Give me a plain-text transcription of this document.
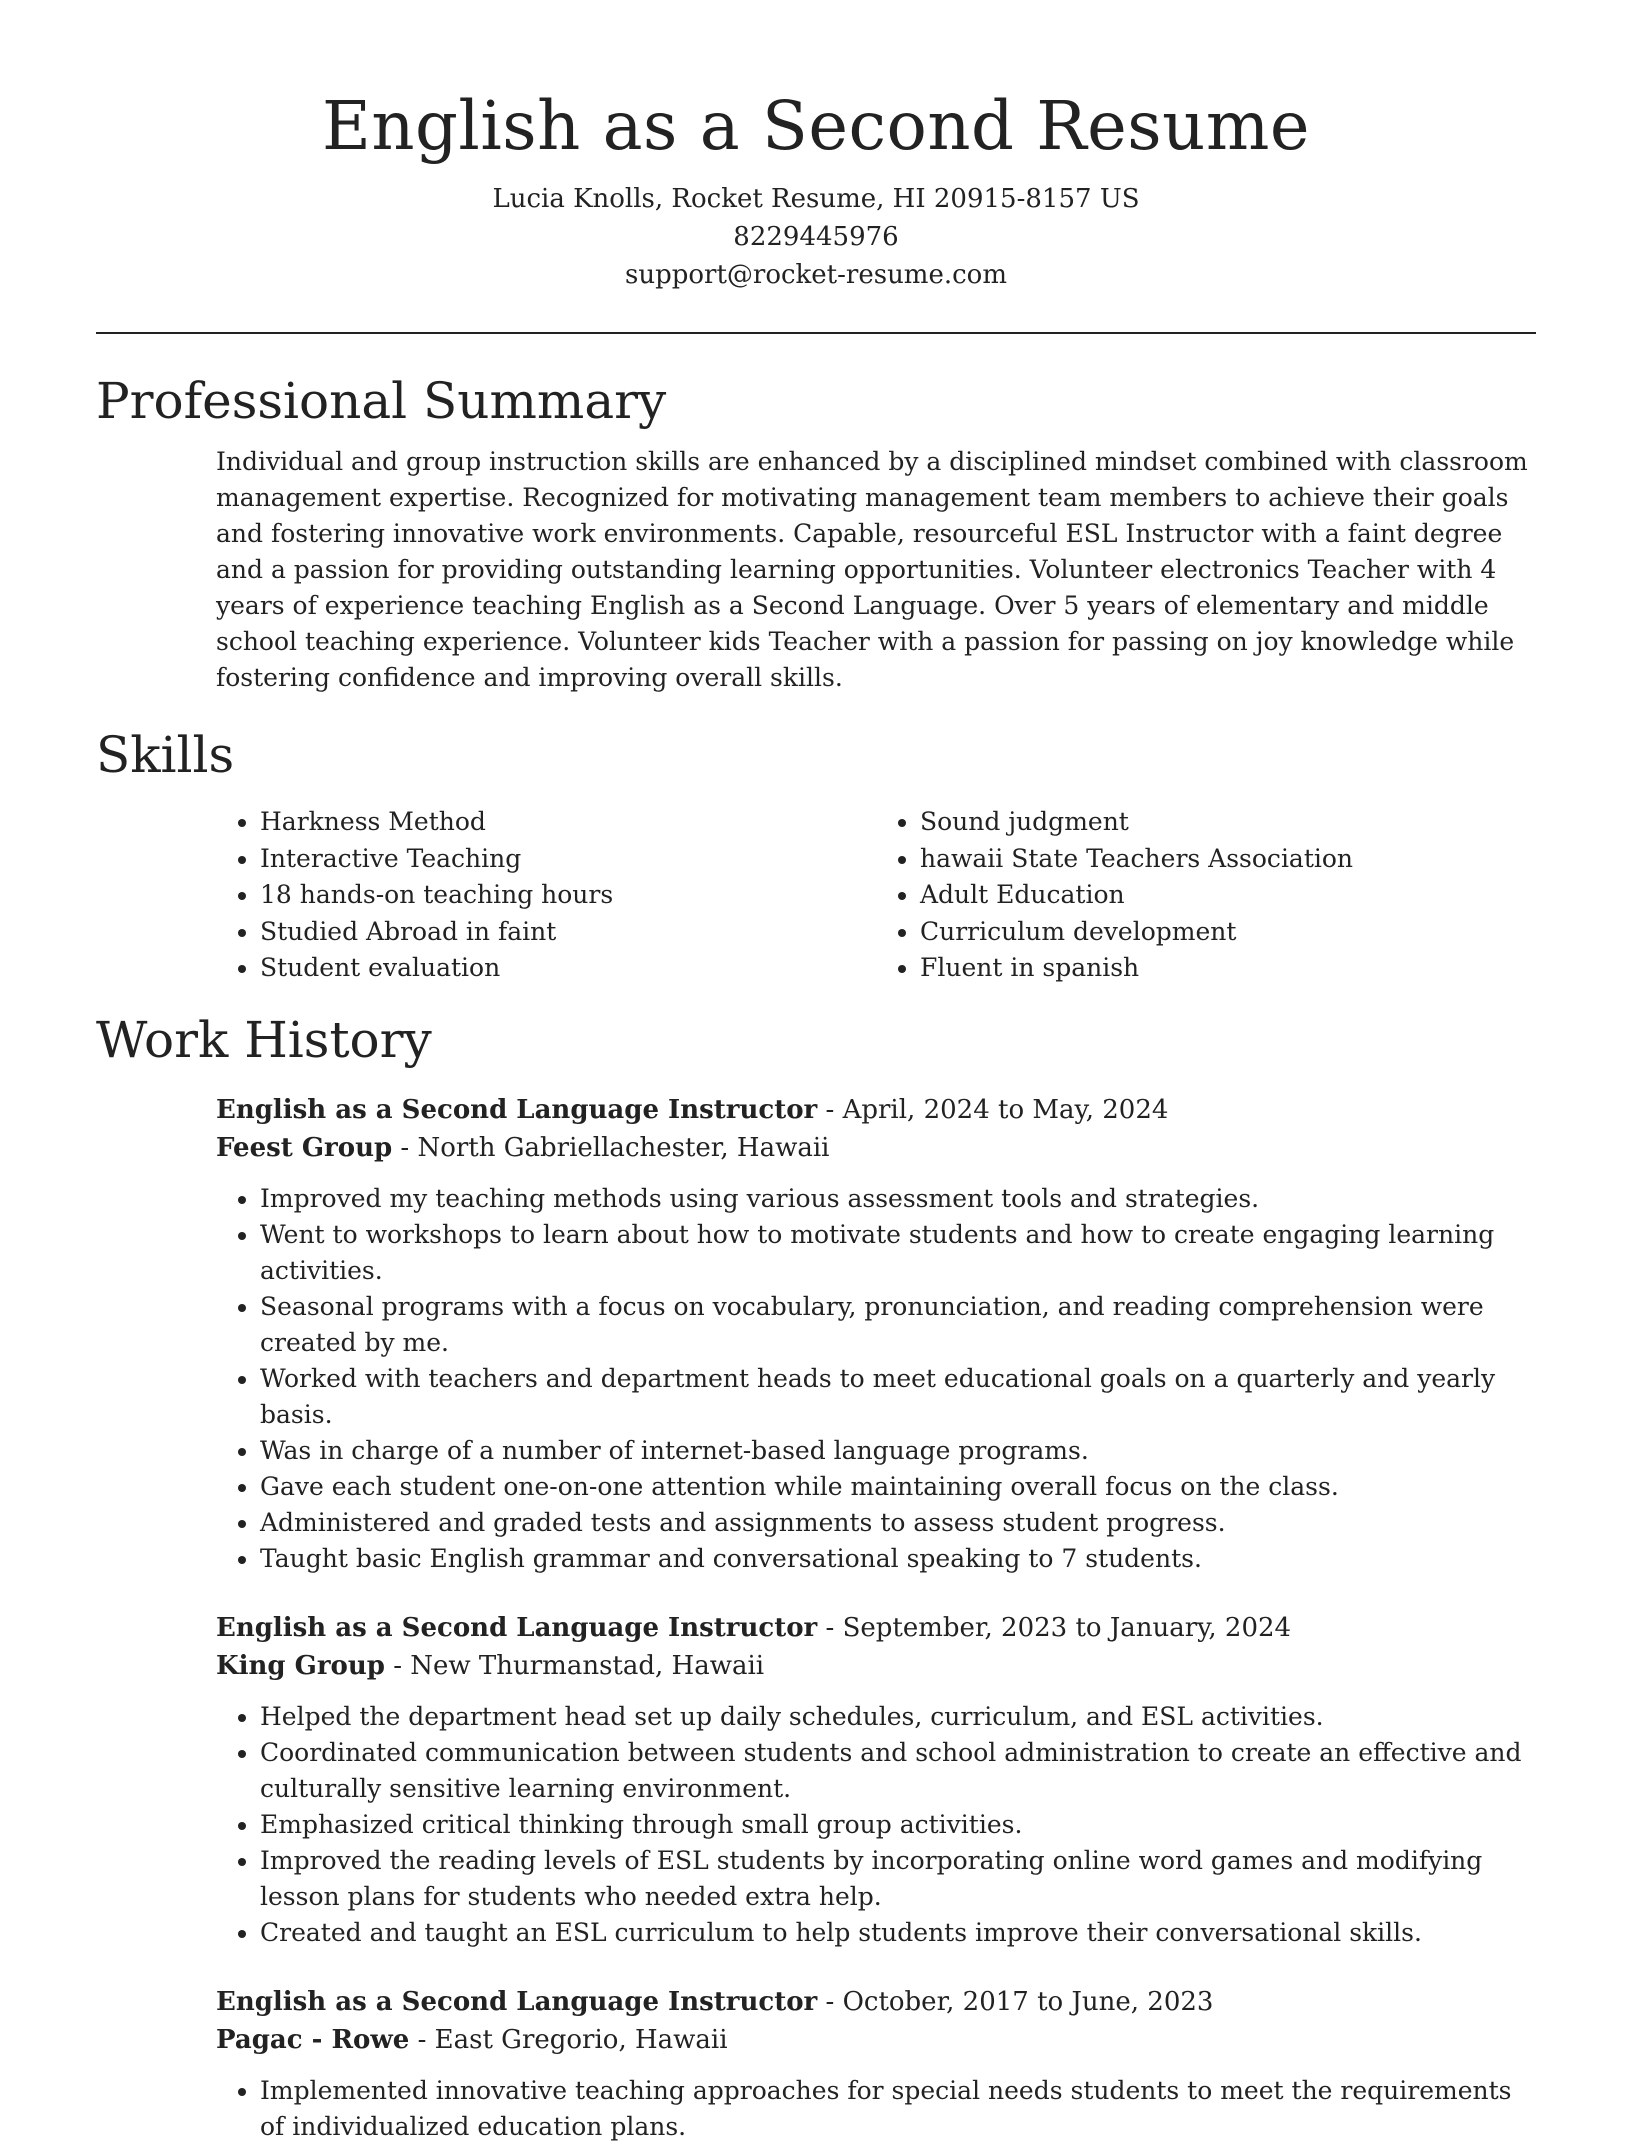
English as a Second Resume
Lucia Knolls, Rocket Resume, HI 20915-8157 US
8229445976
support@rocket-resume.com
Professional Summary

Individual and group instruction skills are enhanced by a disciplined mindset combined with classroom management expertise. Recognized for motivating management team members to achieve their goals and fostering innovative work environments. Capable, resourceful ESL Instructor with a faint degree and a passion for providing outstanding learning opportunities. Volunteer electronics Teacher with 4 years of experience teaching English as a Second Language. Over 5 years of elementary and middle school teaching experience. Volunteer kids Teacher with a passion for passing on joy knowledge while fostering confidence and improving overall skills.

Skills
• Harkness Method
• Interactive Teaching
• 18 hands-on teaching hours
• Studied Abroad in faint
• Student evaluation
• Sound judgment
• hawaii State Teachers Association
• Adult Education
• Curriculum development
• Fluent in spanish
Work History
English as a Second Language Instructor - April, 2024 to May, 2024
Feest Group - North Gabriellachester, Hawaii
• Improved my teaching methods using various assessment tools and strategies.
• Went to workshops to learn about how to motivate students and how to create engaging learning activities.
• Seasonal programs with a focus on vocabulary, pronunciation, and reading comprehension were created by me.
• Worked with teachers and department heads to meet educational goals on a quarterly and yearly basis.
• Was in charge of a number of internet-based language programs.
• Gave each student one-on-one attention while maintaining overall focus on the class.
• Administered and graded tests and assignments to assess student progress.
• Taught basic English grammar and conversational speaking to 7 students.
English as a Second Language Instructor - September, 2023 to January, 2024
King Group - New Thurmanstad, Hawaii
• Helped the department head set up daily schedules, curriculum, and ESL activities.
• Coordinated communication between students and school administration to create an effective and culturally sensitive learning environment.
• Emphasized critical thinking through small group activities.
• Improved the reading levels of ESL students by incorporating online word games and modifying lesson plans for students who needed extra help.
• Created and taught an ESL curriculum to help students improve their conversational skills.
English as a Second Language Instructor - October, 2017 to June, 2023
Pagac - Rowe - East Gregorio, Hawaii
• Implemented innovative teaching approaches for special needs students to meet the requirements of individualized education plans.
